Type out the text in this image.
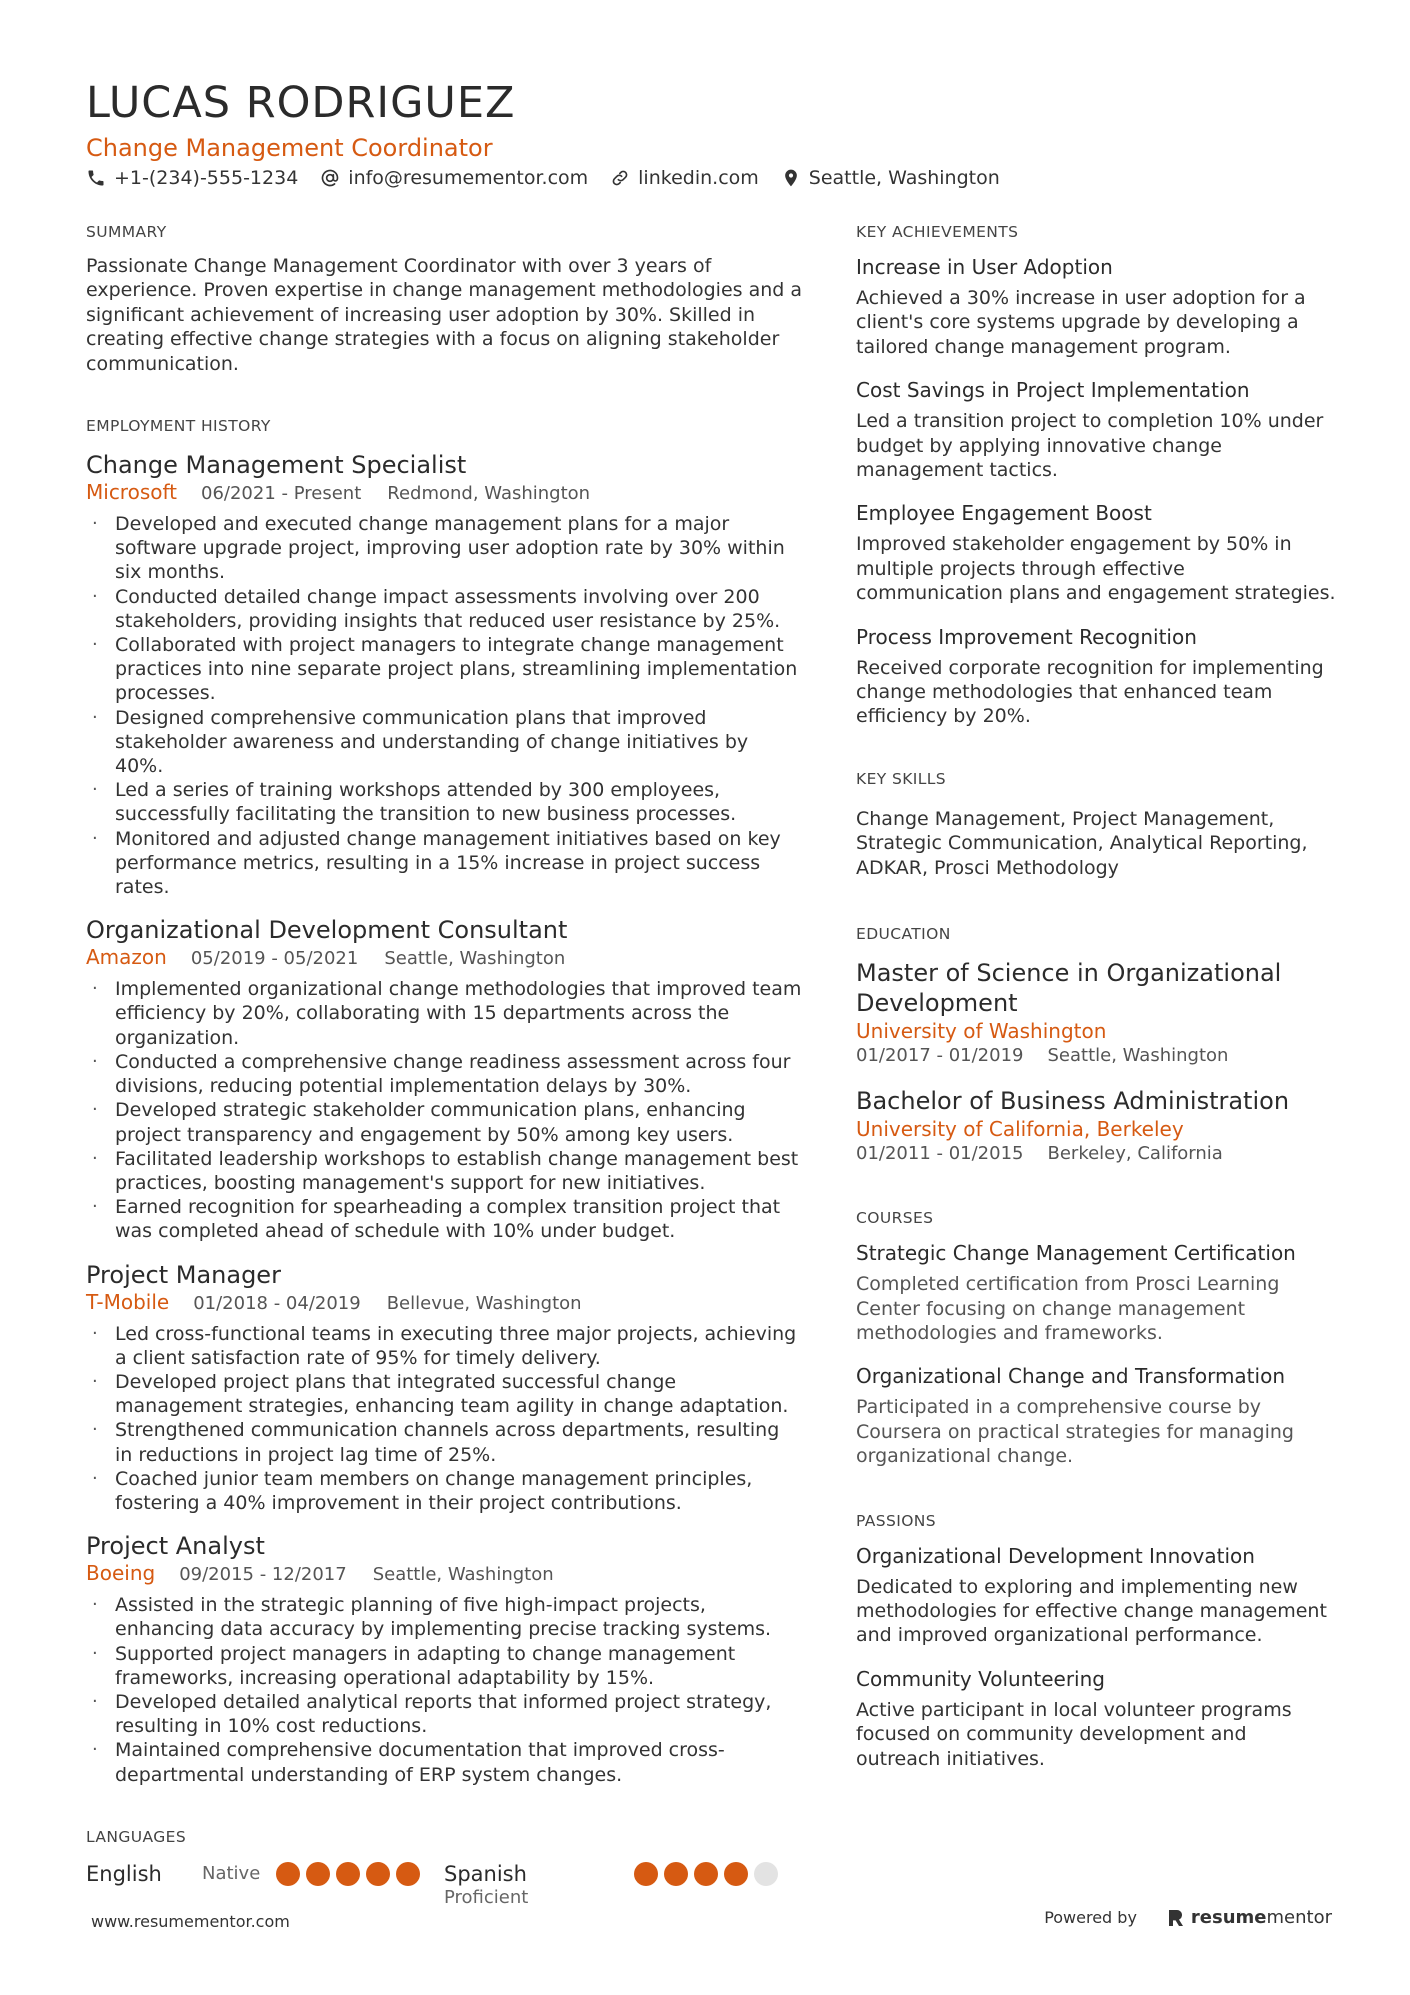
LUCAS RODRIGUEZ
Change Management Coordinator
+1-(234)-555-1234	info@resumementor.com	linkedin.com	Seattle, Washington
SUMMARY
Passionate Change Management Coordinator with over 3 years of experience. Proven expertise in change management methodologies and a significant achievement of increasing user adoption by 30%. Skilled in creating effective change strategies with a focus on aligning stakeholder communication.
EMPLOYMENT HISTORY
Change Management Specialist
Microsoft 06/2021 - Present Redmond, Washington
· Developed and executed change management plans for a major software upgrade project, improving user adoption rate by 30% within six months.
· Conducted detailed change impact assessments involving over 200 stakeholders, providing insights that reduced user resistance by 25%.
· Collaborated with project managers to integrate change management practices into nine separate project plans, streamlining implementation processes.
· Designed comprehensive communication plans that improved stakeholder awareness and understanding of change initiatives by 40%.
· Led a series of training workshops attended by 300 employees, successfully facilitating the transition to new business processes.
· Monitored and adjusted change management initiatives based on key performance metrics, resulting in a 15% increase in project success rates.
Organizational Development Consultant
Amazon 05/2019 - 05/2021 Seattle, Washington
· Implemented organizational change methodologies that improved team efficiency by 20%, collaborating with 15 departments across the organization.
· Conducted a comprehensive change readiness assessment across four divisions, reducing potential implementation delays by 30%.
· Developed strategic stakeholder communication plans, enhancing project transparency and engagement by 50% among key users.
· Facilitated leadership workshops to establish change management best practices, boosting management's support for new initiatives.
· Earned recognition for spearheading a complex transition project that was completed ahead of schedule with 10% under budget.
Project Manager
T-Mobile 01/2018 - 04/2019 Bellevue, Washington
· Led cross-functional teams in executing three major projects, achieving a client satisfaction rate of 95% for timely delivery.
· Developed project plans that integrated successful change management strategies, enhancing team agility in change adaptation.
· Strengthened communication channels across departments, resulting in reductions in project lag time of 25%.
· Coached junior team members on change management principles, fostering a 40% improvement in their project contributions.
Project Analyst
Boeing 09/2015 - 12/2017 Seattle, Washington
· Assisted in the strategic planning of five high-impact projects, enhancing data accuracy by implementing precise tracking systems.
· Supported project managers in adapting to change management frameworks, increasing operational adaptability by 15%.
· Developed detailed analytical reports that informed project strategy, resulting in 10% cost reductions.
· Maintained comprehensive documentation that improved cross-departmental understanding of ERP system changes.
LANGUAGES
English	Native	Spanish
Proficient
KEY ACHIEVEMENTS
Increase in User Adoption
Achieved a 30% increase in user adoption for a client's core systems upgrade by developing a tailored change management program.
Cost Savings in Project Implementation
Led a transition project to completion 10% under budget by applying innovative change management tactics.
Employee Engagement Boost
Improved stakeholder engagement by 50% in multiple projects through effective communication plans and engagement strategies.
Process Improvement Recognition
Received corporate recognition for implementing change methodologies that enhanced team efficiency by 20%.
KEY SKILLS
Change Management, Project Management, Strategic Communication, Analytical Reporting, ADKAR, Prosci Methodology
EDUCATION
Master of Science in Organizational Development
University of Washington
01/2017 - 01/2019 Seattle, Washington
Bachelor of Business Administration
University of California, Berkeley
01/2011 - 01/2015 Berkeley, California
COURSES
Strategic Change Management Certification
Completed certification from Prosci Learning Center focusing on change management methodologies and frameworks.
Organizational Change and Transformation
Participated in a comprehensive course by Coursera on practical strategies for managing organizational change.
PASSIONS
Organizational Development Innovation
Dedicated to exploring and implementing new methodologies for effective change management and improved organizational performance.
Community Volunteering
Active participant in local volunteer programs focused on community development and outreach initiatives.
www.resumementor.com	Powered by	resume mentor
